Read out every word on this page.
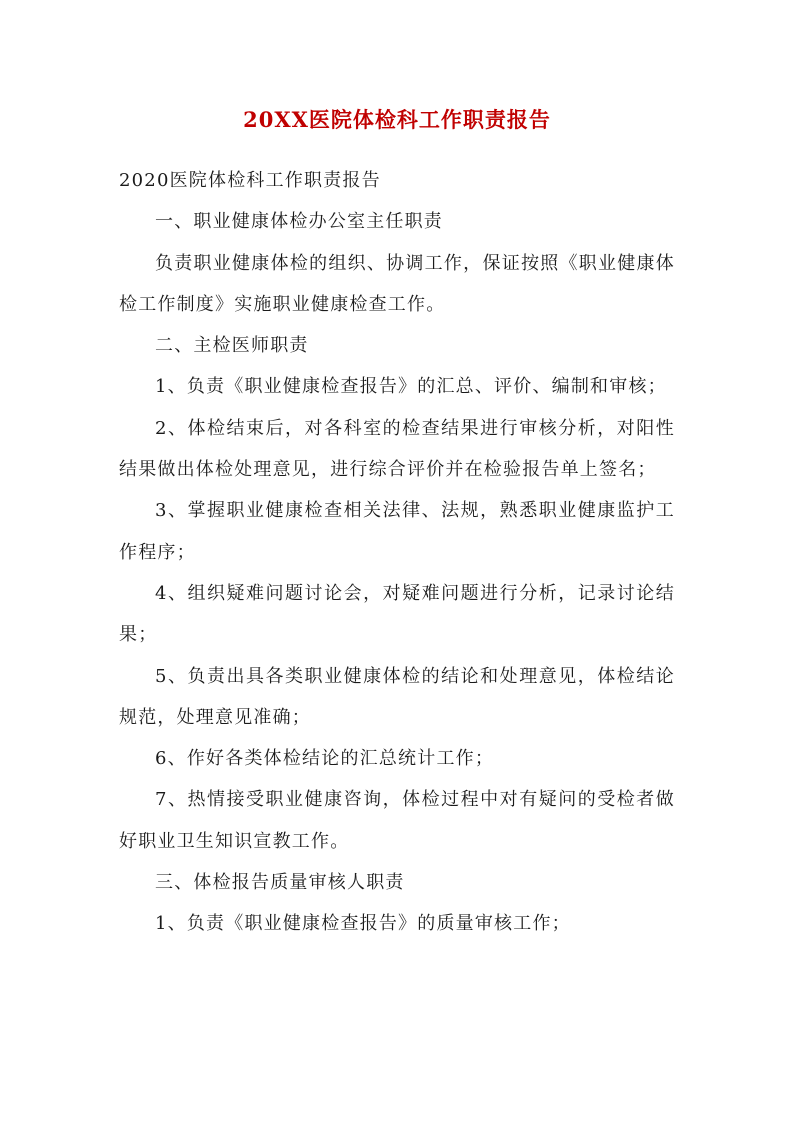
20XX医院体检科工作职责报告

2020医院体检科工作职责报告

一、职业健康体检办公室主任职责

负责职业健康体检的组织、协调工作，保证按照《职业健康体检工作制度》实施职业健康检查工作。

二、主检医师职责

1、负责《职业健康检查报告》的汇总、评价、编制和审核；

2、体检结束后，对各科室的检查结果进行审核分析，对阳性结果做出体检处理意见，进行综合评价并在检验报告单上签名；

3、掌握职业健康检查相关法律、法规，熟悉职业健康监护工作程序；

4、组织疑难问题讨论会，对疑难问题进行分析，记录讨论结果；

5、负责出具各类职业健康体检的结论和处理意见，体检结论规范，处理意见准确；

6、作好各类体检结论的汇总统计工作；

7、热情接受职业健康咨询，体检过程中对有疑问的受检者做好职业卫生知识宣教工作。

三、体检报告质量审核人职责

1、负责《职业健康检查报告》的质量审核工作；
